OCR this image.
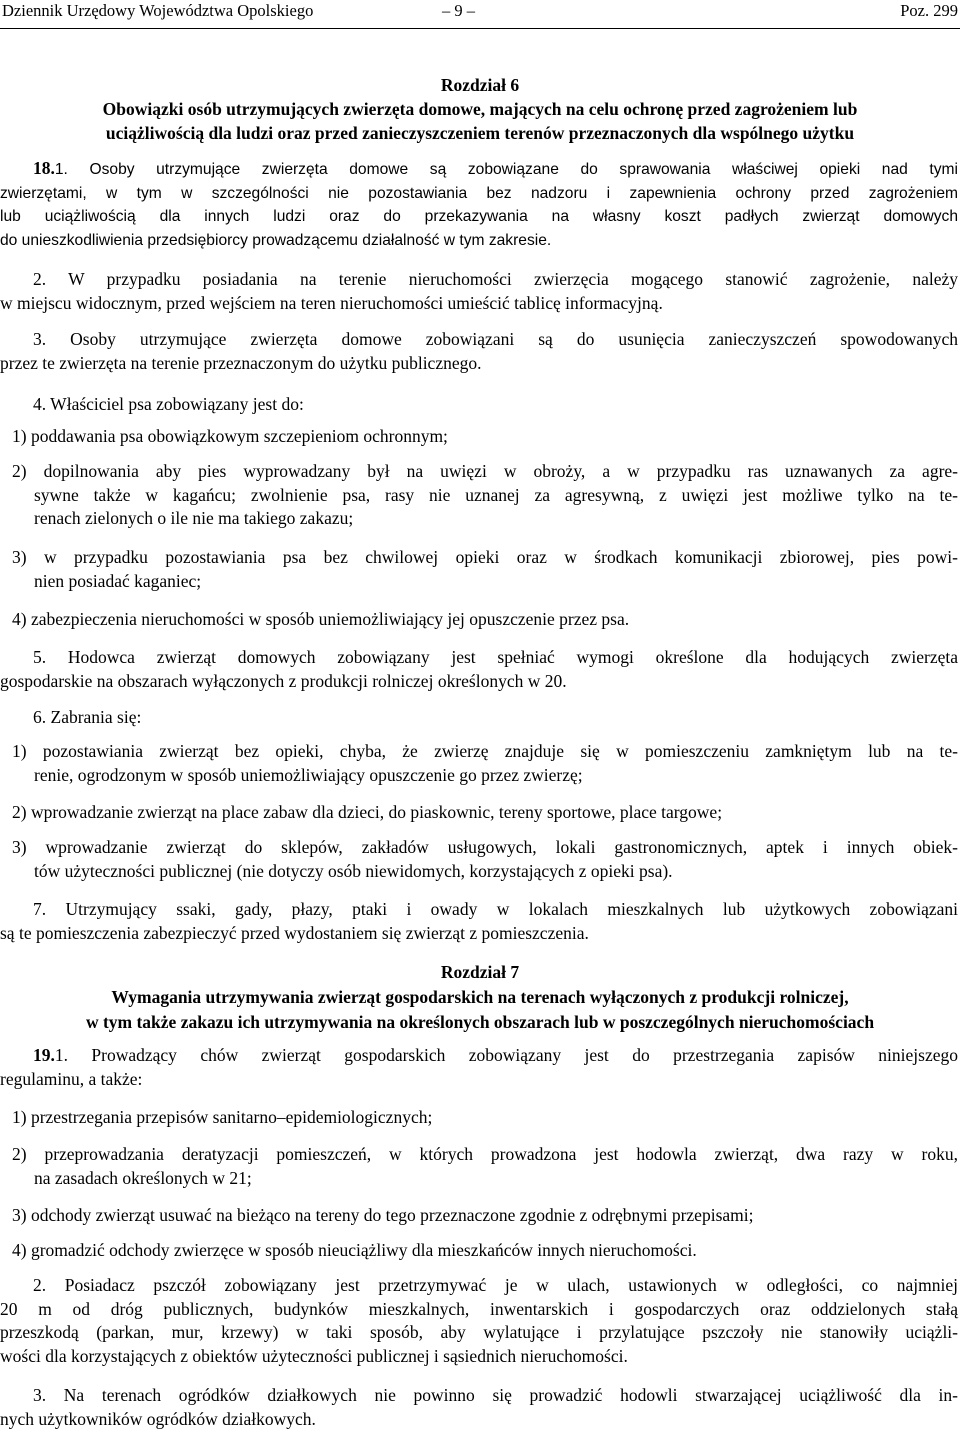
Dziennik Urzędowy Województwa Opolskiego	– 9 –	Poz. 299
Rozdział 6
Obowiązki osób utrzymujących zwierzęta domowe, mających na celu ochronę przed zagrożeniem lub
uciążliwością dla ludzi oraz przed zanieczyszczeniem terenów przeznaczonych dla wspólnego użytku
18.1. Osoby utrzymujące zwierzęta domowe są zobowiązane do sprawowania właściwej opieki nad tymi
zwierzętami, w tym w szczególności nie pozostawiania bez nadzoru i zapewnienia ochrony przed zagrożeniem
lub uciążliwością dla innych ludzi oraz do przekazywania na własny koszt padłych zwierząt domowych
do unieszkodliwienia przedsiębiorcy prowadzącemu działalność w tym zakresie.
2. W przypadku posiadania na terenie nieruchomości zwierzęcia mogącego stanowić zagrożenie, należy
w miejscu widocznym, przed wejściem na teren nieruchomości umieścić tablicę informacyjną.
3. Osoby utrzymujące zwierzęta domowe zobowiązani są do usunięcia zanieczyszczeń spowodowanych
przez te zwierzęta na terenie przeznaczonym do użytku publicznego.
4. Właściciel psa zobowiązany jest do:
1) poddawania psa obowiązkowym szczepieniom ochronnym;
2) dopilnowania aby pies wyprowadzany był na uwięzi w obroży, a w przypadku ras uznawanych za agre-
sywne także w kagańcu; zwolnienie psa, rasy nie uznanej za agresywną, z uwięzi jest możliwe tylko na te-
renach zielonych o ile nie ma takiego zakazu;
3) w przypadku pozostawiania psa bez chwilowej opieki oraz w środkach komunikacji zbiorowej, pies powi-
nien posiadać kaganiec;
4) zabezpieczenia nieruchomości w sposób uniemożliwiający jej opuszczenie przez psa.
5. Hodowca zwierząt domowych zobowiązany jest spełniać wymogi określone dla hodujących zwierzęta
gospodarskie na obszarach wyłączonych z produkcji rolniczej określonych w 20.
6. Zabrania się:
1) pozostawiania zwierząt bez opieki, chyba, że zwierzę znajduje się w pomieszczeniu zamkniętym lub na te-
renie, ogrodzonym w sposób uniemożliwiający opuszczenie go przez zwierzę;
2) wprowadzanie zwierząt na place zabaw dla dzieci, do piaskownic, tereny sportowe, place targowe;
3) wprowadzanie zwierząt do sklepów, zakładów usługowych, lokali gastronomicznych, aptek i innych obiek-
tów użyteczności publicznej (nie dotyczy osób niewidomych, korzystających z opieki psa).
7. Utrzymujący ssaki, gady, płazy, ptaki i owady w lokalach mieszkalnych lub użytkowych zobowiązani
są te pomieszczenia zabezpieczyć przed wydostaniem się zwierząt z pomieszczenia.
Rozdział 7
Wymagania utrzymywania zwierząt gospodarskich na terenach wyłączonych z produkcji rolniczej,
w tym także zakazu ich utrzymywania na określonych obszarach lub w poszczególnych nieruchomościach
19.1. Prowadzący chów zwierząt gospodarskich zobowiązany jest do przestrzegania zapisów niniejszego
regulaminu, a także:
1) przestrzegania przepisów sanitarno–epidemiologicznych;
2) przeprowadzania deratyzacji pomieszczeń, w których prowadzona jest hodowla zwierząt, dwa razy w roku,
na zasadach określonych w 21;
3) odchody zwierząt usuwać na bieżąco na tereny do tego przeznaczone zgodnie z odrębnymi przepisami;
4) gromadzić odchody zwierzęce w sposób nieuciążliwy dla mieszkańców innych nieruchomości.
2. Posiadacz pszczół zobowiązany jest przetrzymywać je w ulach, ustawionych w odległości, co najmniej
20 m od dróg publicznych, budynków mieszkalnych, inwentarskich i gospodarczych oraz oddzielonych stałą
przeszkodą (parkan, mur, krzewy) w taki sposób, aby wylatujące i przylatujące pszczoły nie stanowiły uciążli-
wości dla korzystających z obiektów użyteczności publicznej i sąsiednich nieruchomości.
3. Na terenach ogródków działkowych nie powinno się prowadzić hodowli stwarzającej uciążliwość dla in-
nych użytkowników ogródków działkowych.
